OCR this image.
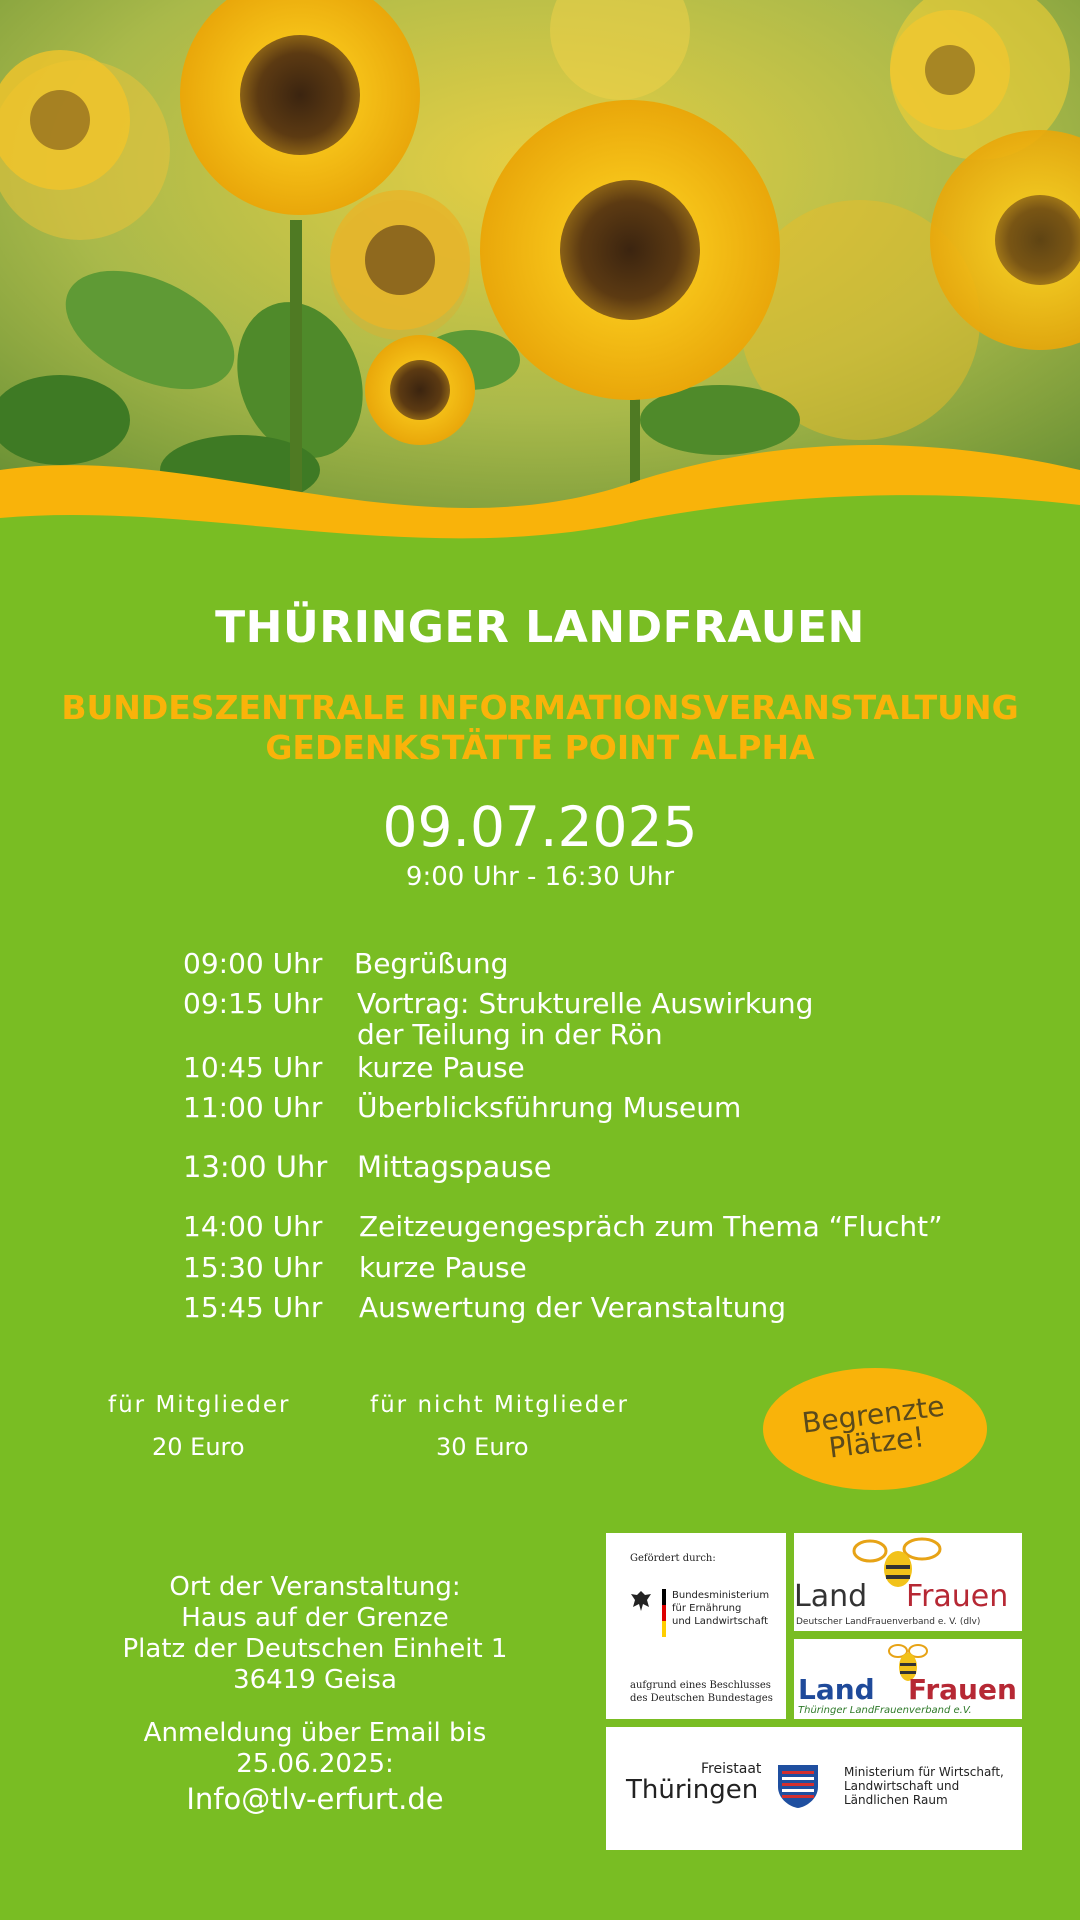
THÜRINGER LANDFRAUEN
BUNDESZENTRALE INFORMATIONSVERANSTALTUNG
GEDENKSTÄTTE POINT ALPHA
09.07.2025
9:00 Uhr - 16:30 Uhr
09:00 Uhr Begrüßung
09:15 Uhr Vortrag: Strukturelle Auswirkung
der Teilung in der Rön
10:45 Uhr kurze Pause
11:00 Uhr Überblicksführung Museum
13:00 Uhr Mittagspause
14:00 Uhr Zeitzeugengespräch zum Thema “Flucht”
15:30 Uhr kurze Pause
15:45 Uhr Auswertung der Veranstaltung
für Mitglieder
20 Euro
für nicht Mitglieder
30 Euro
Begrenzte Plätze!
Ort der Veranstaltung:
Haus auf der Grenze
Platz der Deutschen Einheit 1
36419 Geisa
Anmeldung über Email bis
25.06.2025:
Info@tlv-erfurt.de
Gefördert durch:
Bundesministerium
für Ernährung
und Landwirtschaft
aufgrund eines Beschlusses
des Deutschen Bundestages
Land Frauen
Deutscher LandFrauenverband e. V. (dlv)
Land Frauen
Thüringer LandFrauenverband e.V.
Freistaat
Thüringen
Ministerium für Wirtschaft,
Landwirtschaft und
Ländlichen Raum
